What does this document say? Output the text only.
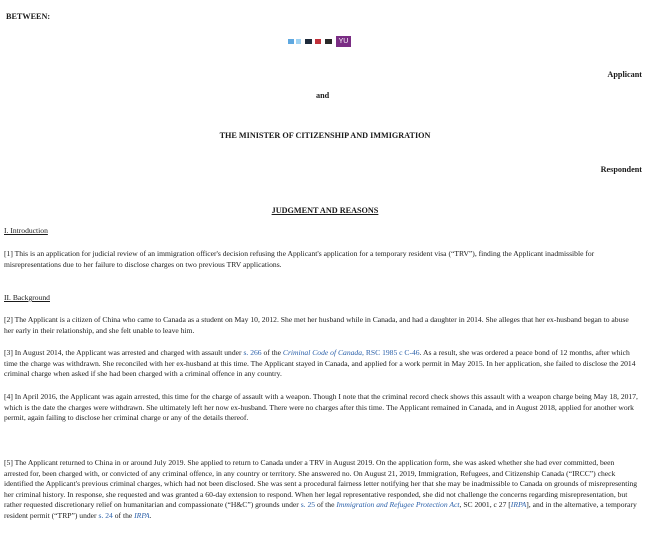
BETWEEN:
YU
Applicant
and
THE MINISTER OF CITIZENSHIP AND IMMIGRATION
Respondent
JUDGMENT AND REASONS
I. Introduction

[1] This is an application for judicial review of an immigration officer's decision refusing the Applicant's application for a temporary resident visa (“TRV”), finding the Applicant inadmissible for misrepresentations due to her failure to disclose charges on two previous TRV applications.

II. Background

[2] The Applicant is a citizen of China who came to Canada as a student on May 10, 2012. She met her husband while in Canada, and had a daughter in 2014. She alleges that her ex-husband began to abuse her early in their relationship, and she felt unable to leave him.

[3] In August 2014, the Applicant was arrested and charged with assault under s. 266 of the Criminal Code of Canada, RSC 1985 c C-46. As a result, she was ordered a peace bond of 12 months, after which time the charge was withdrawn. She reconciled with her ex-husband at this time. The Applicant stayed in Canada, and applied for a work permit in May 2015. In her application, she failed to disclose the 2014 criminal charge when asked if she had been charged with a criminal offence in any country.

[4] In April 2016, the Applicant was again arrested, this time for the charge of assault with a weapon. Though I note that the criminal record check shows this assault with a weapon charge being May 18, 2017, which is the date the charges were withdrawn. She ultimately left her now ex-husband. There were no charges after this time. The Applicant remained in Canada, and in August 2018, applied for another work permit, again failing to disclose her criminal charge or any of the details thereof.

[5] The Applicant returned to China in or around July 2019. She applied to return to Canada under a TRV in August 2019. On the application form, she was asked whether she had ever committed, been arrested for, been charged with, or convicted of any criminal offence, in any country or territory. She answered no. On August 21, 2019, Immigration, Refugees, and Citizenship Canada (“IRCC”) check identified the Applicant's previous criminal charges, which had not been disclosed. She was sent a procedural fairness letter notifying her that she may be inadmissible to Canada on grounds of misrepresenting her criminal history. In response, she requested and was granted a 60-day extension to respond. When her legal representative responded, she did not challenge the concerns regarding misrepresentation, but rather requested discretionary relief on humanitarian and compassionate (“H&C”) grounds under s. 25 of the Immigration and Refugee Protection Act, SC 2001, c 27 [IRPA], and in the alternative, a temporary resident permit (“TRP”) under s. 24 of the IRPA.
